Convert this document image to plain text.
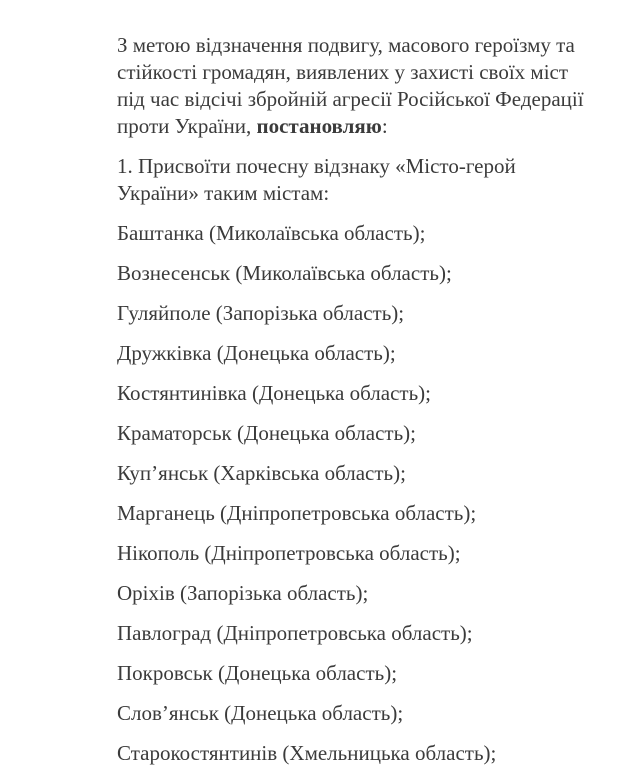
З метою відзначення подвигу, масового героїзму та
стійкості громадян, виявлених у захисті своїх міст
під час відсічі збройній агресії Російської Федерації
проти України, постановляю:

1. Присвоїти почесну відзнаку «Місто-герой
України» таким містам:

Баштанка (Миколаївська область);

Вознесенськ (Миколаївська область);

Гуляйполе (Запорізька область);

Дружківка (Донецька область);

Костянтинівка (Донецька область);

Краматорськ (Донецька область);

Куп’янськ (Харківська область);

Марганець (Дніпропетровська область);

Нікополь (Дніпропетровська область);

Оріхів (Запорізька область);

Павлоград (Дніпропетровська область);

Покровськ (Донецька область);

Слов’янськ (Донецька область);

Старокостянтинів (Хмельницька область);
